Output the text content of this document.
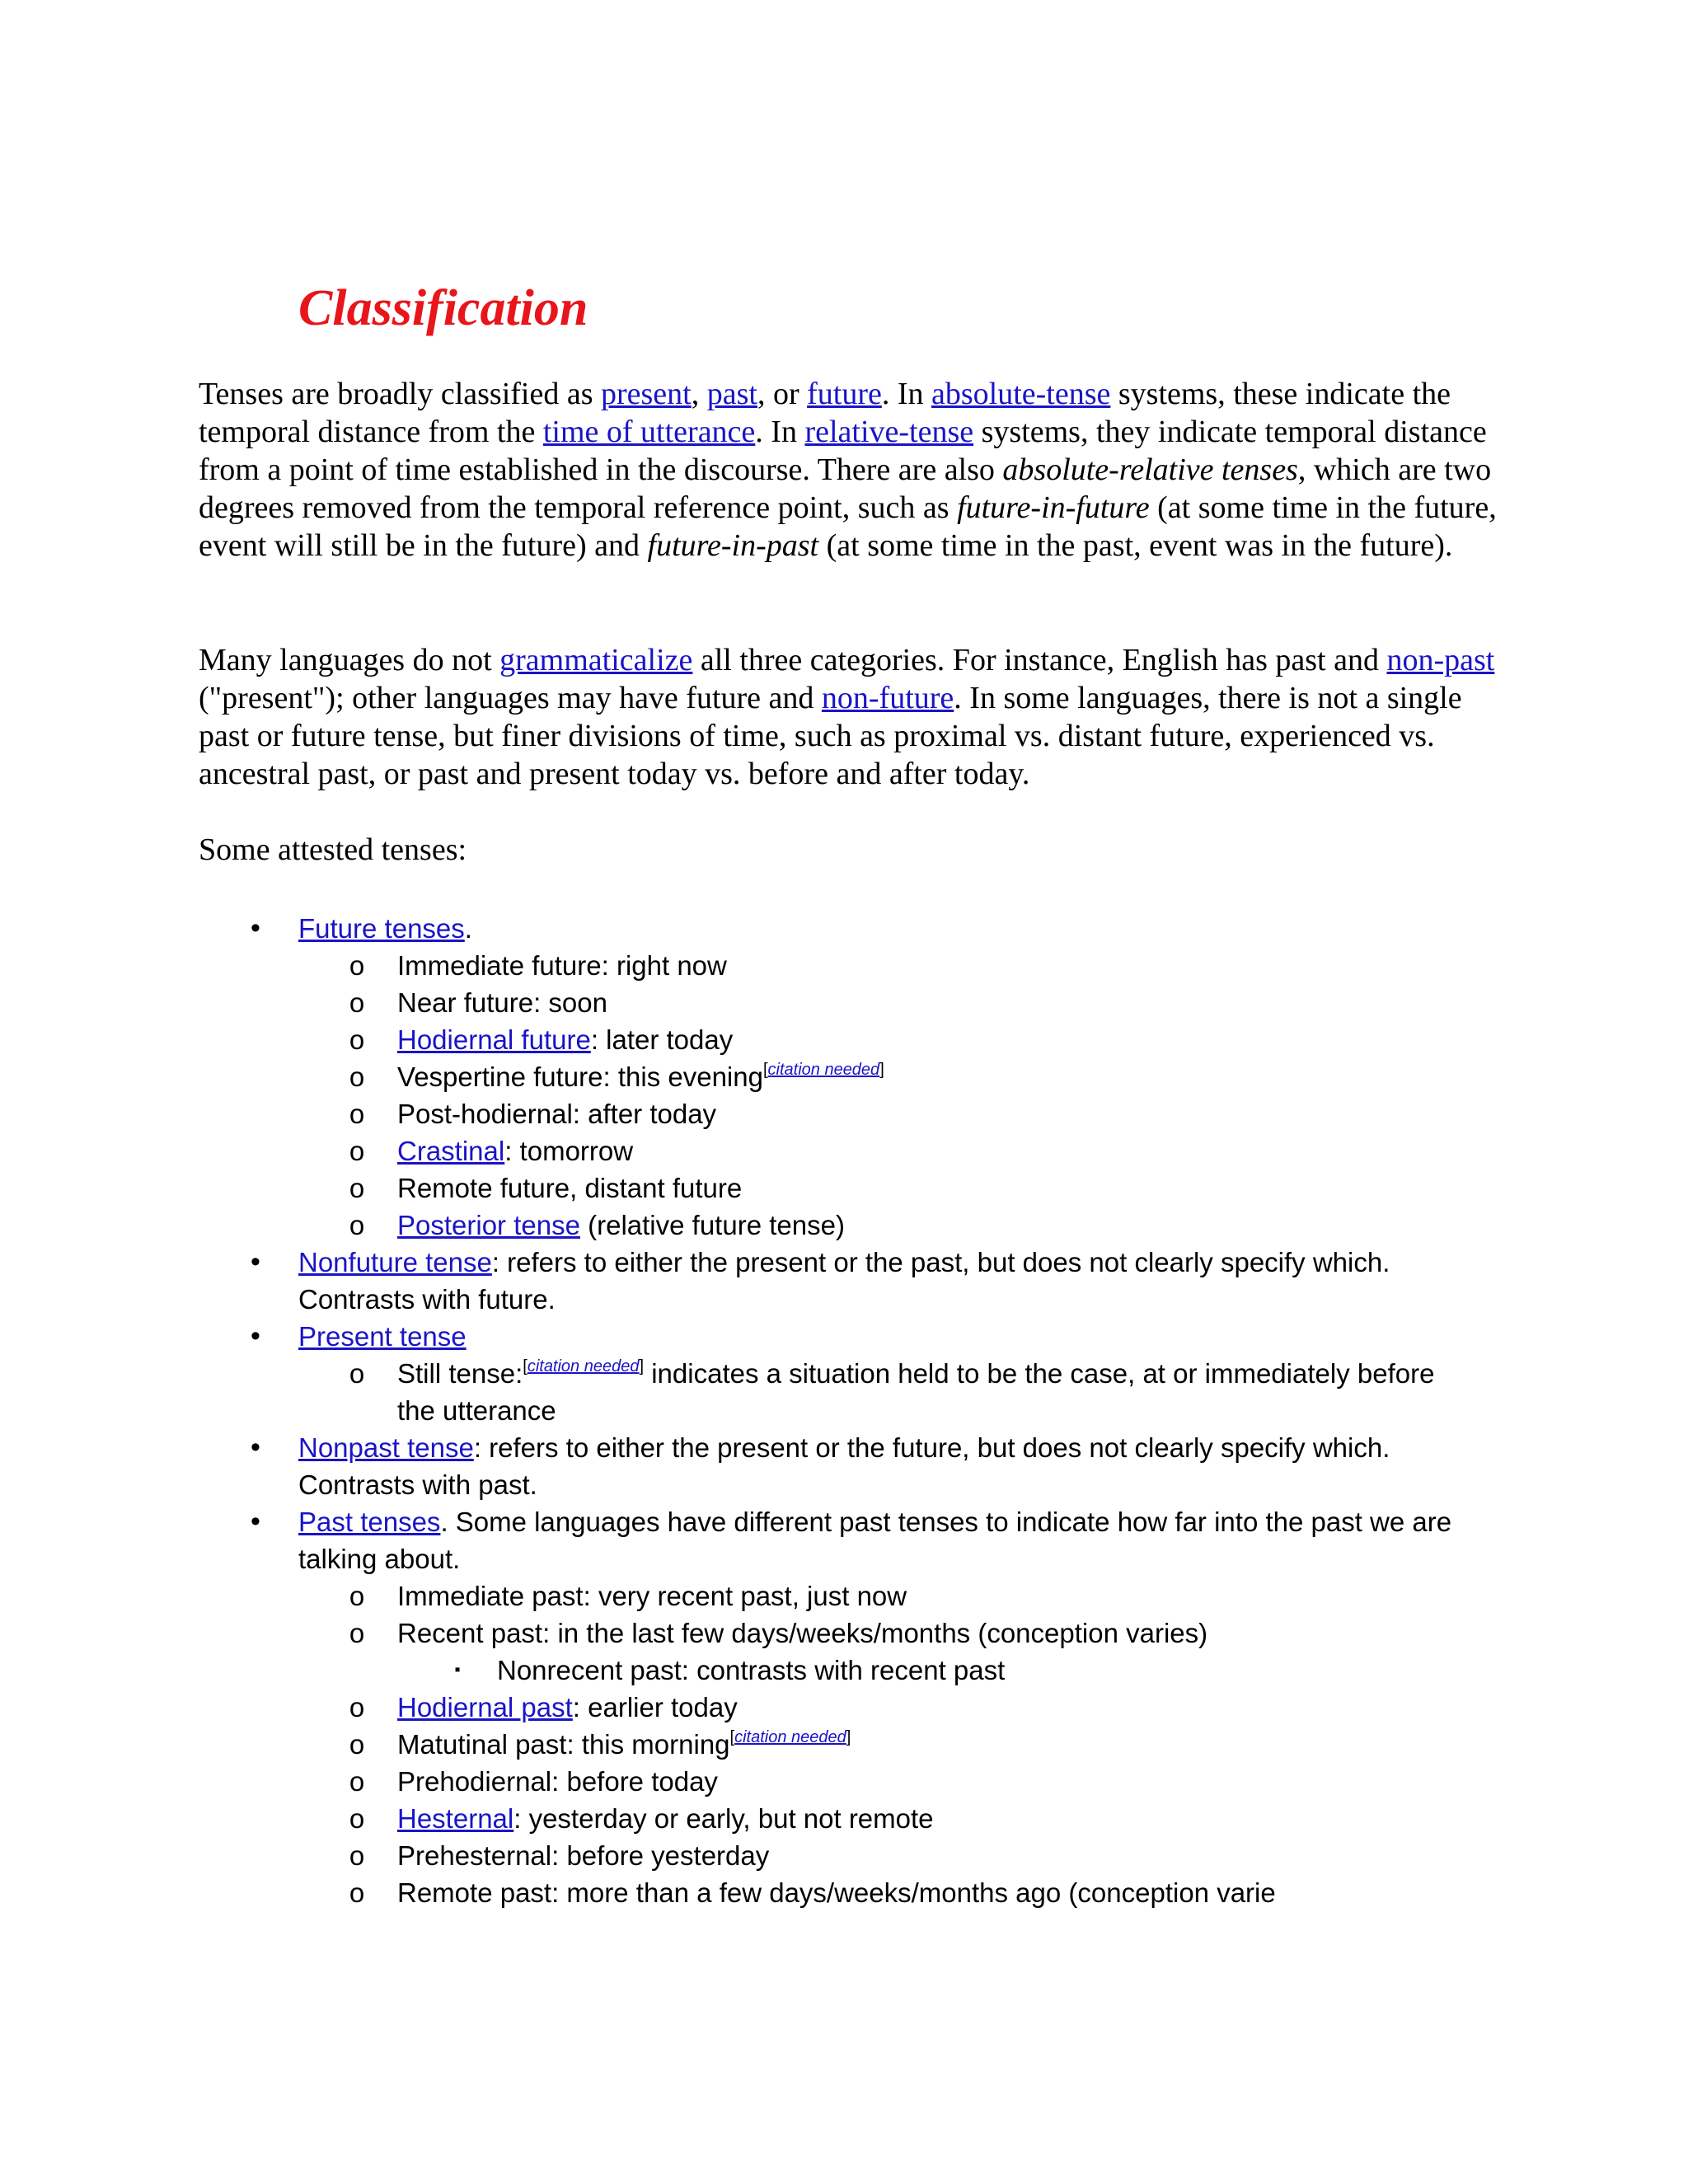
Classification

Tenses are broadly classified as present, past, or future. In absolute-tense systems, these indicate the temporal distance from the time of utterance. In relative-tense systems, they indicate temporal distance from a point of time established in the discourse. There are also absolute-relative tenses, which are two degrees removed from the temporal reference point, such as future-in-future (at some time in the future, event will still be in the future) and future-in-past (at some time in the past, event was in the future).

Many languages do not grammaticalize all three categories. For instance, English has past and non-past ("present"); other languages may have future and non-future. In some languages, there is not a single past or future tense, but finer divisions of time, such as proximal vs. distant future, experienced vs. ancestral past, or past and present today vs. before and after today.

Some attested tenses:

•	Future tenses.
o	Immediate future: right now
o	Near future: soon
o	Hodiernal future: later today
o	Vespertine future: this evening[citation needed]
o	Post-hodiernal: after today
o	Crastinal: tomorrow
o	Remote future, distant future
o	Posterior tense (relative future tense)
•	Nonfuture tense: refers to either the present or the past, but does not clearly specify which.
Contrasts with future.
•	Present tense
o	Still tense:[citation needed] indicates a situation held to be the case, at or immediately before
the utterance
•	Nonpast tense: refers to either the present or the future, but does not clearly specify which.
Contrasts with past.
•	Past tenses. Some languages have different past tenses to indicate how far into the past we are
talking about.
o	Immediate past: very recent past, just now
o	Recent past: in the last few days/weeks/months (conception varies)
▪	Nonrecent past: contrasts with recent past
o	Hodiernal past: earlier today
o	Matutinal past: this morning[citation needed]
o	Prehodiernal: before today
o	Hesternal: yesterday or early, but not remote
o	Prehesternal: before yesterday
o	Remote past: more than a few days/weeks/months ago (conception varie
